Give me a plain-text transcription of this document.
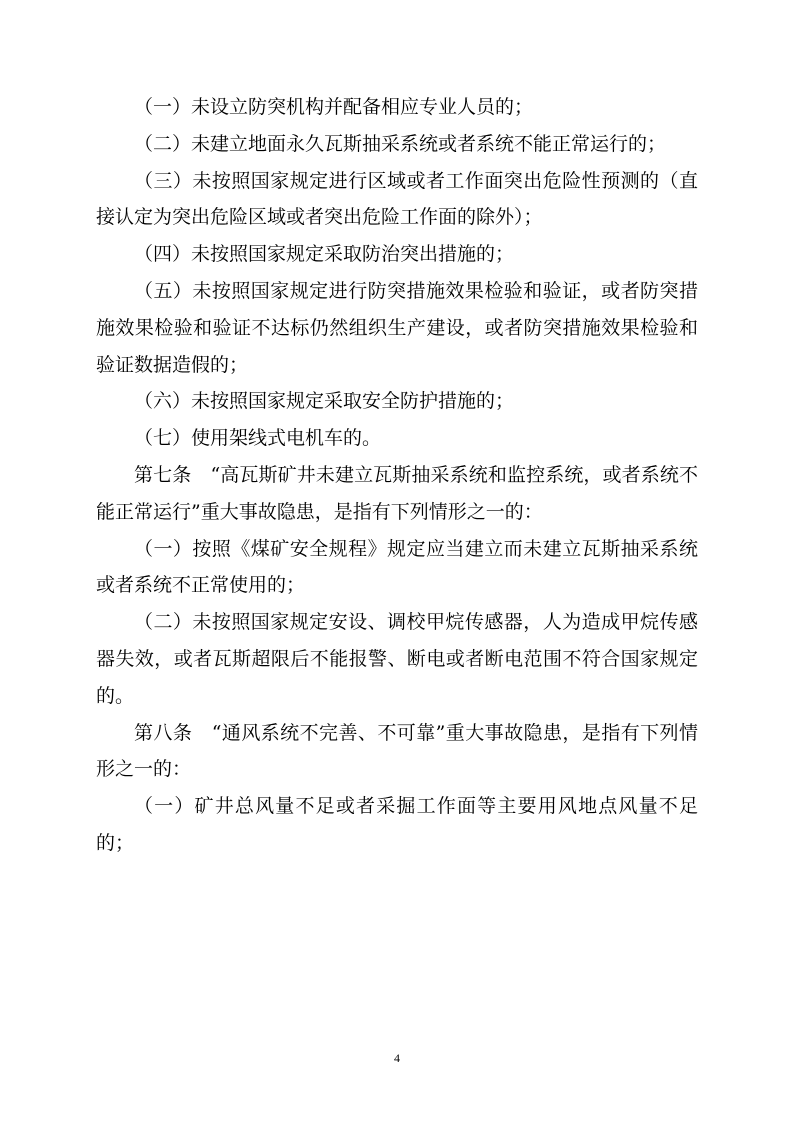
（一）未设立防突机构并配备相应专业人员的；

（二）未建立地面永久瓦斯抽采系统或者系统不能正常运行的；

（三）未按照国家规定进行区域或者工作面突出危险性预测的（直接认定为突出危险区域或者突出危险工作面的除外）；

（四）未按照国家规定采取防治突出措施的；

（五）未按照国家规定进行防突措施效果检验和验证，或者防突措施效果检验和验证不达标仍然组织生产建设，或者防突措施效果检验和验证数据造假的；

（六）未按照国家规定采取安全防护措施的；

（七）使用架线式电机车的。

第七条　“高瓦斯矿井未建立瓦斯抽采系统和监控系统，或者系统不能正常运行”重大事故隐患，是指有下列情形之一的：

（一）按照《煤矿安全规程》规定应当建立而未建立瓦斯抽采系统或者系统不正常使用的；

（二）未按照国家规定安设、调校甲烷传感器，人为造成甲烷传感器失效，或者瓦斯超限后不能报警、断电或者断电范围不符合国家规定的。

第八条　“通风系统不完善、不可靠”重大事故隐患，是指有下列情形之一的：

（一）矿井总风量不足或者采掘工作面等主要用风地点风量不足的；

4
